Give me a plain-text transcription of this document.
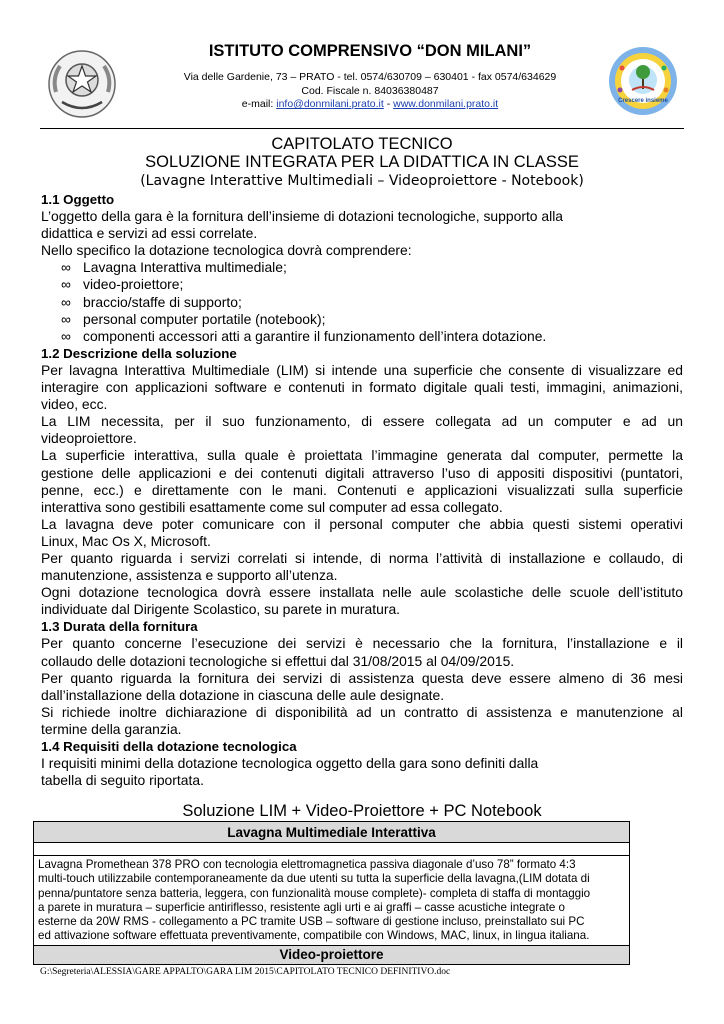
ISTITUTO COMPRENSIVO “DON MILANI”
Via delle Gardenie, 73 – PRATO - tel. 0574/630709 – 630401 - fax 0574/634629
Cod. Fiscale n. 84036380487
e-mail: info@donmilani.prato.it - www.donmilani.prato.it	Crescere insieme
CAPITOLATO TECNICO
SOLUZIONE INTEGRATA PER LA DIDATTICA IN CLASSE
(Lavagne Interattive Multimediali – Videoproiettore - Notebook)

1.1 Oggetto

L’oggetto della gara è la fornitura dell’insieme di dotazioni tecnologiche, supporto alla

didattica e servizi ad essi correlate.

Nello specifico la dotazione tecnologica dovrà comprendere:

∞ Lavagna Interattiva multimediale;
∞ video-proiettore;
∞ braccio/staffe di supporto;
∞ personal computer portatile (notebook);
∞ componenti accessori atti a garantire il funzionamento dell’intera dotazione.

1.2 Descrizione della soluzione

Per lavagna Interattiva Multimediale (LIM) si intende una superficie che consente di visualizzare ed

interagire con applicazioni software e contenuti in formato digitale quali testi, immagini, animazioni,

video, ecc.

La LIM necessita, per il suo funzionamento, di essere collegata ad un computer e ad un

videoproiettore.

La superficie interattiva, sulla quale è proiettata l’immagine generata dal computer, permette la

gestione delle applicazioni e dei contenuti digitali attraverso l’uso di appositi dispositivi (puntatori,

penne, ecc.) e direttamente con le mani. Contenuti e applicazioni visualizzati sulla superficie

interattiva sono gestibili esattamente come sul computer ad essa collegato.

La lavagna deve poter comunicare con il personal computer che abbia questi sistemi operativi

Linux, Mac Os X, Microsoft.

Per quanto riguarda i servizi correlati si intende, di norma l’attività di installazione e collaudo, di

manutenzione, assistenza e supporto all’utenza.

Ogni dotazione tecnologica dovrà essere installata nelle aule scolastiche delle scuole dell’istituto

individuate dal Dirigente Scolastico, su parete in muratura.

1.3 Durata della fornitura

Per quanto concerne l’esecuzione dei servizi è necessario che la fornitura, l’installazione e il

collaudo delle dotazioni tecnologiche si effettui dal 31/08/2015 al 04/09/2015.

Per quanto riguarda la fornitura dei servizi di assistenza questa deve essere almeno di 36 mesi

dall’installazione della dotazione in ciascuna delle aule designate.

Si richiede inoltre dichiarazione di disponibilità ad un contratto di assistenza e manutenzione al

termine della garanzia.

1.4 Requisiti della dotazione tecnologica

I requisiti minimi della dotazione tecnologica oggetto della gara sono definiti dalla

tabella di seguito riportata.

Soluzione LIM + Video-Proiettore + PC Notebook
Lavagna Multimediale Interattiva

Lavagna Promethean 378 PRO con tecnologia elettromagnetica passiva diagonale d’uso 78” formato 4:3
multi-touch utilizzabile contemporaneamente da due utenti su tutta la superficie della lavagna,(LIM dotata di
penna/puntatore senza batteria, leggera, con funzionalità mouse complete)- completa di staffa di montaggio
a parete in muratura – superficie antiriflesso, resistente agli urti e ai graffi – casse acustiche integrate o
esterne da 20W RMS - collegamento a PC tramite USB – software di gestione incluso, preinstallato sui PC
ed attivazione software effettuata preventivamente, compatibile con Windows, MAC, linux, in lingua italiana.

Video-proiettore
G:\Segreteria\ALESSIA\GARE APPALTO\GARA LIM 2015\CAPITOLATO TECNICO DEFINITIVO.doc
